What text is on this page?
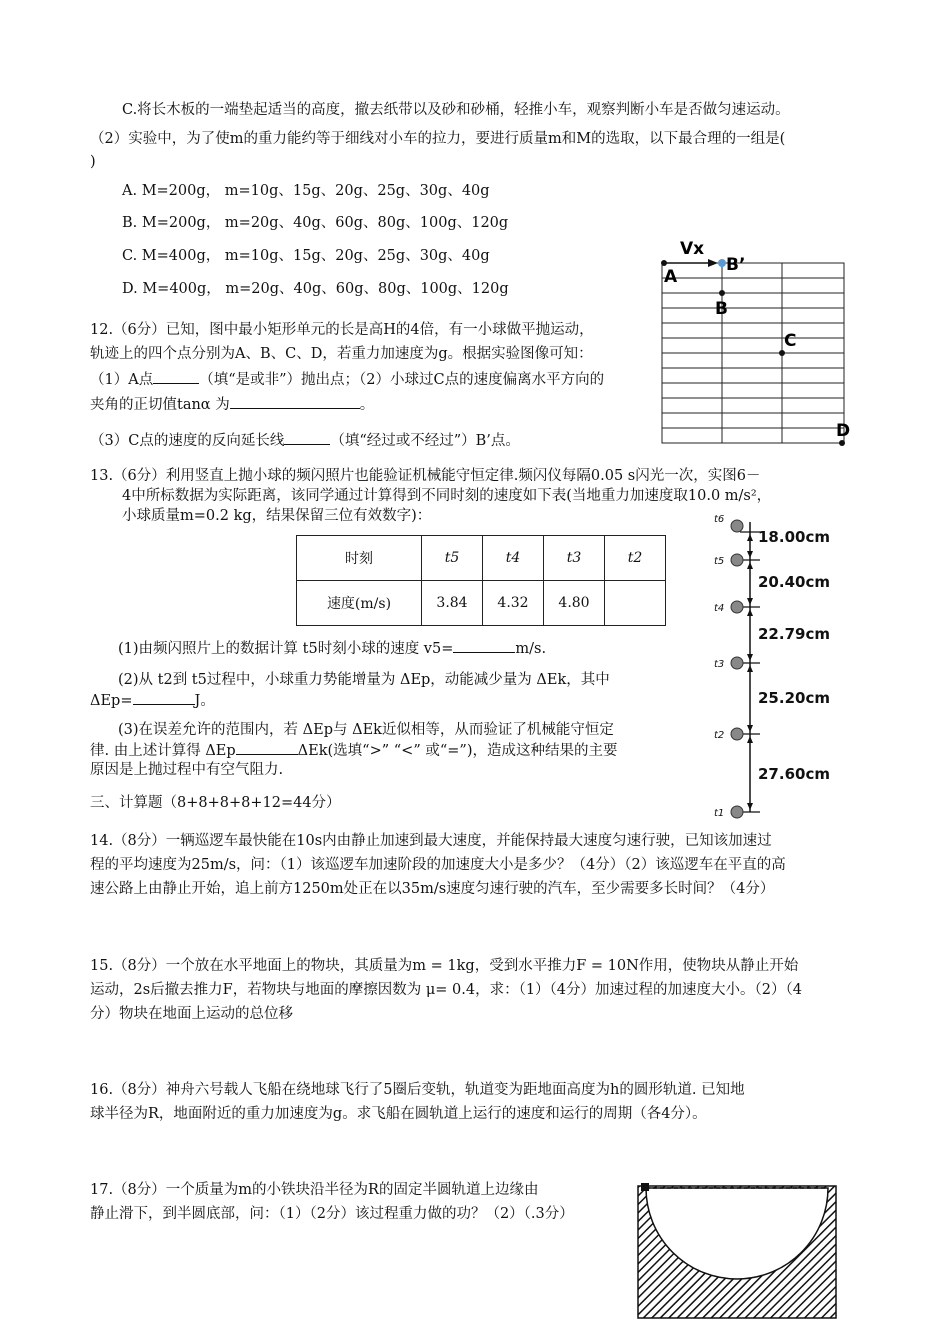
C.将长木板的一端垫起适当的高度，撤去纸带以及砂和砂桶，轻推小车，观察判断小车是否做匀速运动。
（2）实验中，为了使m的重力能约等于细线对小车的拉力，要进行质量m和M的选取，以下最合理的一组是(
)
A. M=200g， m=10g、15g、20g、25g、30g、40g
B. M=200g， m=20g、40g、60g、80g、100g、120g
C. M=400g， m=10g、15g、20g、25g、30g、40g
D. M=400g， m=20g、40g、60g、80g、100g、120g
12.（6分）已知，图中最小矩形单元的长是高H的4倍，有一小球做平抛运动，
轨迹上的四个点分别为A、B、C、D，若重力加速度为g。根据实验图像可知：
（1）A点	（填“是或非”）抛出点；（2）小球过C点的速度偏离水平方向的
夹角的正切值tanα 为	。
（3）C点的速度的反向延长线	（填“经过或不经过”）B’点。
Vx
B’
A
B
C
D
13.（6分）利用竖直上抛小球的频闪照片也能验证机械能守恒定律.频闪仪每隔0.05 s闪光一次，实图6－
4中所标数据为实际距离，该同学通过计算得到不同时刻的速度如下表(当地重力加速度取10.0 m/s²，
小球质量m=0.2 kg，结果保留三位有效数字)：
时刻	t5	t4	t3	t2
速度(m/s)	3.84	4.32	4.80	
(1)由频闪照片上的数据计算 t5时刻小球的速度 v5=	m/s.
(2)从 t2到 t5过程中，小球重力势能增量为 ΔEp，动能减少量为 ΔEk，其中
ΔEp=	J。
(3)在误差允许的范围内，若 ΔEp与 ΔEk近似相等，从而验证了机械能守恒定
律. 由上述计算得 ΔEp	ΔEk(选填“>” “<” 或“=”)，造成这种结果的主要
原因是上抛过程中有空气阻力.
t6
t5
t4
t3
t2
t1
18.00cm
20.40cm
22.79cm
25.20cm
27.60cm
三、计算题（8+8+8+8+12=44分）
14.（8分）一辆巡逻车最快能在10s内由静止加速到最大速度，并能保持最大速度匀速行驶，已知该加速过
程的平均速度为25m/s，问：（1）该巡逻车加速阶段的加速度大小是多少？（4分）（2）该巡逻车在平直的高
速公路上由静止开始，追上前方1250m处正在以35m/s速度匀速行驶的汽车，至少需要多长时间？（4分）
15.（8分）一个放在水平地面上的物块，其质量为m = 1kg，受到水平推力F = 10N作用，使物块从静止开始
运动，2s后撤去推力F，若物块与地面的摩擦因数为 μ= 0.4，求：（1）（4分）加速过程的加速度大小。（2）（4
分）物块在地面上运动的总位移
16.（8分）神舟六号载人飞船在绕地球飞行了5圈后变轨，轨道变为距地面高度为h的圆形轨道. 已知地
球半径为R，地面附近的重力加速度为g。求飞船在圆轨道上运行的速度和运行的周期（各4分）。
17.（8分）一个质量为m的小铁块沿半径为R的固定半圆轨道上边缘由
静止滑下，到半圆底部，问：（1）（2分）该过程重力做的功？（2）（.3分）
